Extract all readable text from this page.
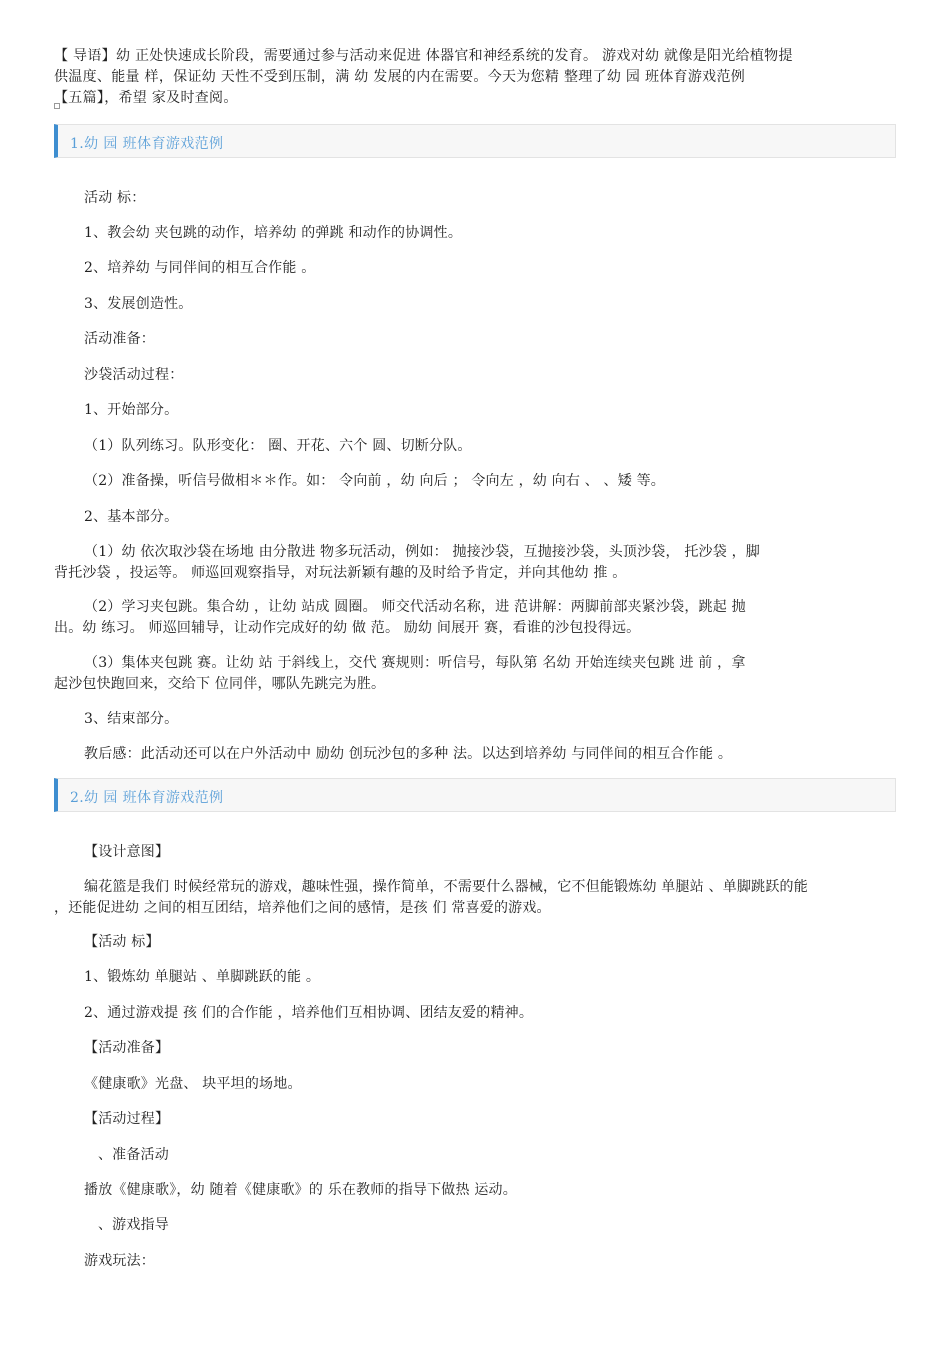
【 导语】幼 正处快速成长阶段，需要通过参与活动来促进 体器官和神经系统的发育。 游戏对幼 就像是阳光给植物提
供温度、能量 样，保证幼 天性不受到压制，满 幼 发展的内在需要。今天为您精 整理了幼 园 班体育游戏范例
【五篇】，希望 家及时查阅。
1.幼 园 班体育游戏范例
活动 标：
1、教会幼 夹包跳的动作，培养幼 的弹跳 和动作的协调性。
2、培养幼 与同伴间的相互合作能 。
3、发展创造性。
活动准备：
沙袋活动过程：
1、开始部分。
（1）队列练习。队形变化： 圈、开花、六个 圆、切断分队。
（2）准备操，听信号做相＊＊作。如： 令向前 ，幼 向后 ； 令向左 ，幼 向右 、 、矮 等。
2、基本部分。
（1）幼 依次取沙袋在场地 由分散进 物多玩活动，例如： 抛接沙袋，互抛接沙袋，头顶沙袋， 托沙袋 ，脚
背托沙袋 ，投运等。 师巡回观察指导，对玩法新颖有趣的及时给予肯定，并向其他幼 推 。
（2）学习夹包跳。集合幼 ，让幼 站成 圆圈。 师交代活动名称，进 范讲解：两脚前部夹紧沙袋，跳起 抛
出。幼 练习。 师巡回辅导，让动作完成好的幼 做 范。 励幼 间展开 赛，看谁的沙包投得远。
（3）集体夹包跳 赛。让幼 站 于斜线上，交代 赛规则：听信号，每队第 名幼 开始连续夹包跳 进 前 ，拿
起沙包快跑回来，交给下 位同伴，哪队先跳完为胜。
3、结束部分。
教后感：此活动还可以在户外活动中 励幼 创玩沙包的多种 法。以达到培养幼 与同伴间的相互合作能 。
2.幼 园 班体育游戏范例
【设计意图】
编花篮是我们 时候经常玩的游戏，趣味性强，操作简单，不需要什么器械，它不但能锻炼幼 单腿站 、单脚跳跃的能
，还能促进幼 之间的相互团结，培养他们之间的感情，是孩 们 常喜爱的游戏。
【活动 标】
1、锻炼幼 单腿站 、单脚跳跃的能 。
2、通过游戏提 孩 们的合作能 ，培养他们互相协调、团结友爱的精神。
【活动准备】
《健康歌》光盘、 块平坦的场地。
【活动过程】
、准备活动
播放《健康歌》，幼 随着《健康歌》的 乐在教师的指导下做热 运动。
、游戏指导
游戏玩法：
